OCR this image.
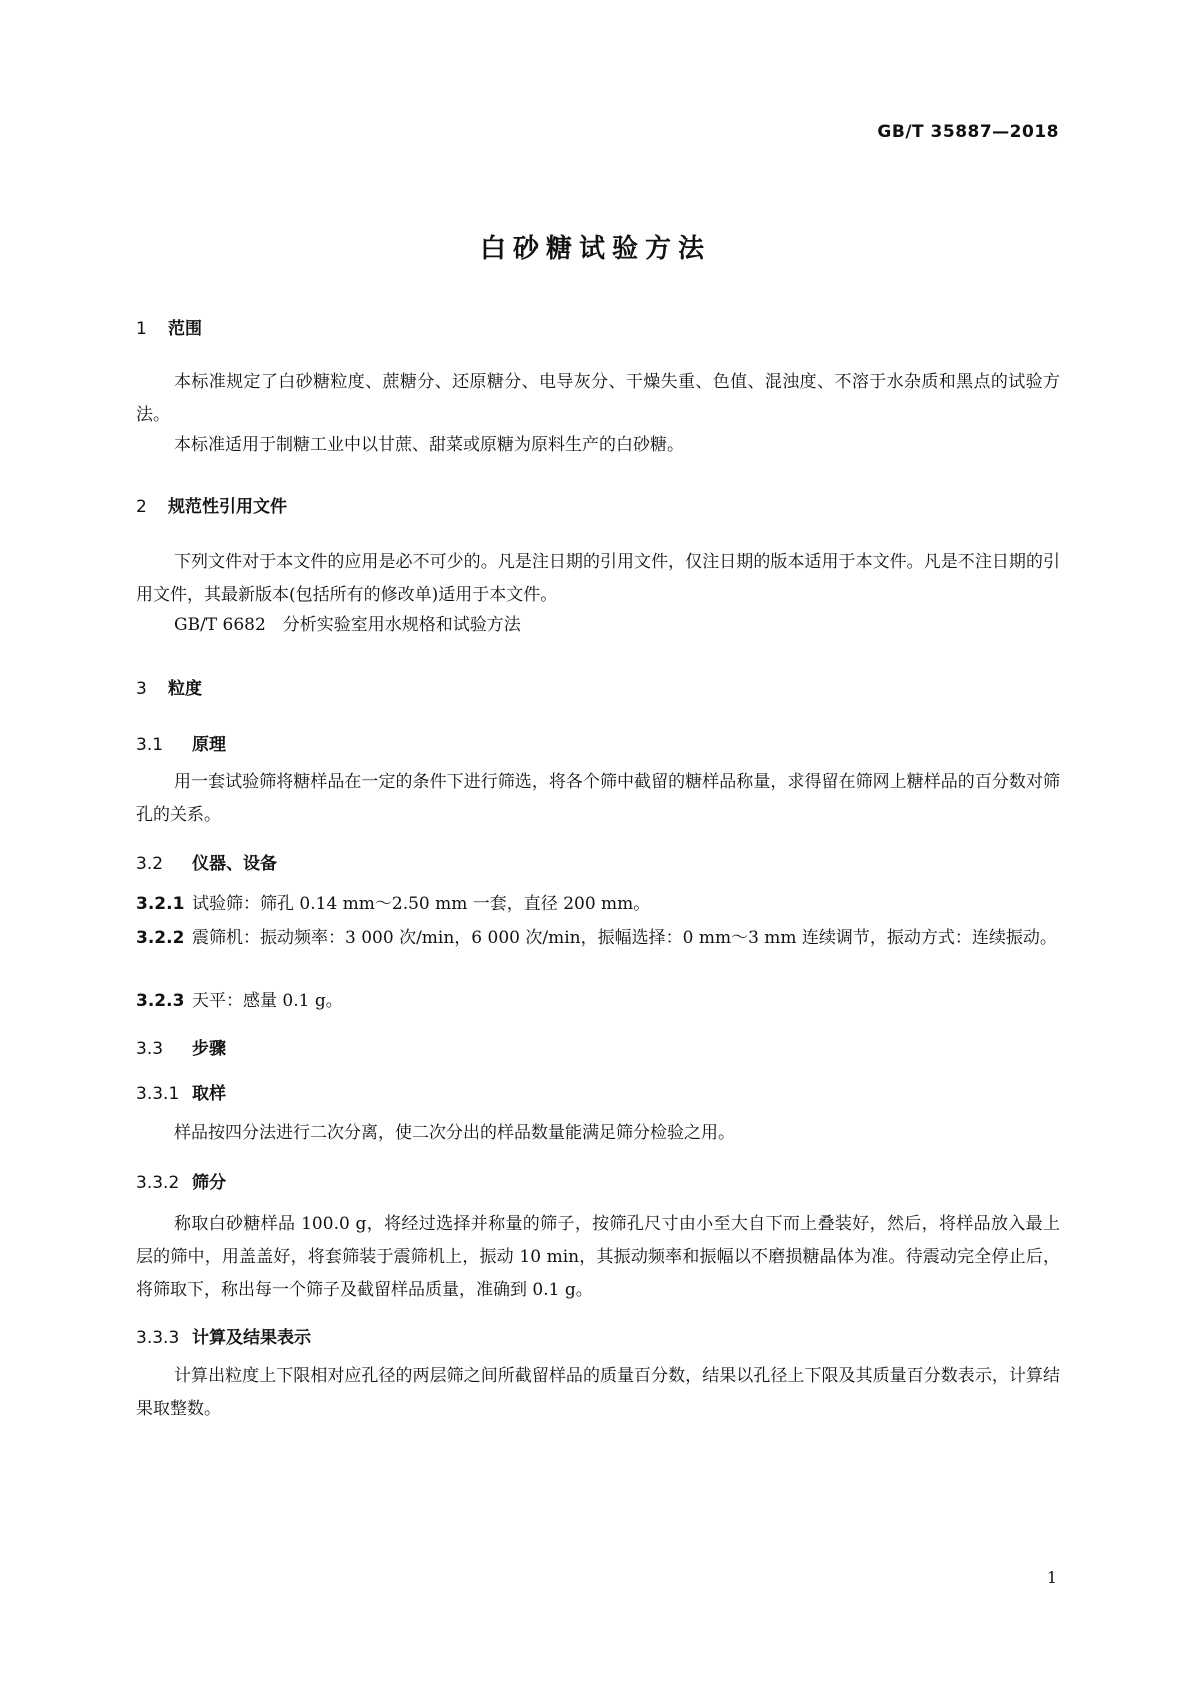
GB/T 35887—2018
白砂糖试验方法
1 范围

本标准规定了白砂糖粒度、蔗糖分、还原糖分、电导灰分、干燥失重、色值、混浊度、不溶于水杂质和黑点的试验方法。

本标准适用于制糖工业中以甘蔗、甜菜或原糖为原料生产的白砂糖。

2 规范性引用文件

下列文件对于本文件的应用是必不可少的。凡是注日期的引用文件，仅注日期的版本适用于本文件。凡是不注日期的引用文件，其最新版本(包括所有的修改单)适用于本文件。

GB/T 6682　分析实验室用水规格和试验方法

3 粒度
3.1 原理

用一套试验筛将糖样品在一定的条件下进行筛选，将各个筛中截留的糖样品称量，求得留在筛网上糖样品的百分数对筛孔的关系。

3.2 仪器、设备

3.2.1 试验筛：筛孔 0.14 mm～2.50 mm 一套，直径 200 mm。

3.2.2 震筛机：振动频率：3 000 次/min，6 000 次/min，振幅选择：0 mm～3 mm 连续调节，振动方式：连续振动。

3.2.3 天平：感量 0.1 g。

3.3 步骤
3.3.1 取样

样品按四分法进行二次分离，使二次分出的样品数量能满足筛分检验之用。

3.3.2 筛分

称取白砂糖样品 100.0 g，将经过选择并称量的筛子，按筛孔尺寸由小至大自下而上叠装好，然后，将样品放入最上层的筛中，用盖盖好，将套筛装于震筛机上，振动 10 min，其振动频率和振幅以不磨损糖晶体为准。待震动完全停止后，将筛取下，称出每一个筛子及截留样品质量，准确到 0.1 g。

3.3.3 计算及结果表示

计算出粒度上下限相对应孔径的两层筛之间所截留样品的质量百分数，结果以孔径上下限及其质量百分数表示，计算结果取整数。

1
